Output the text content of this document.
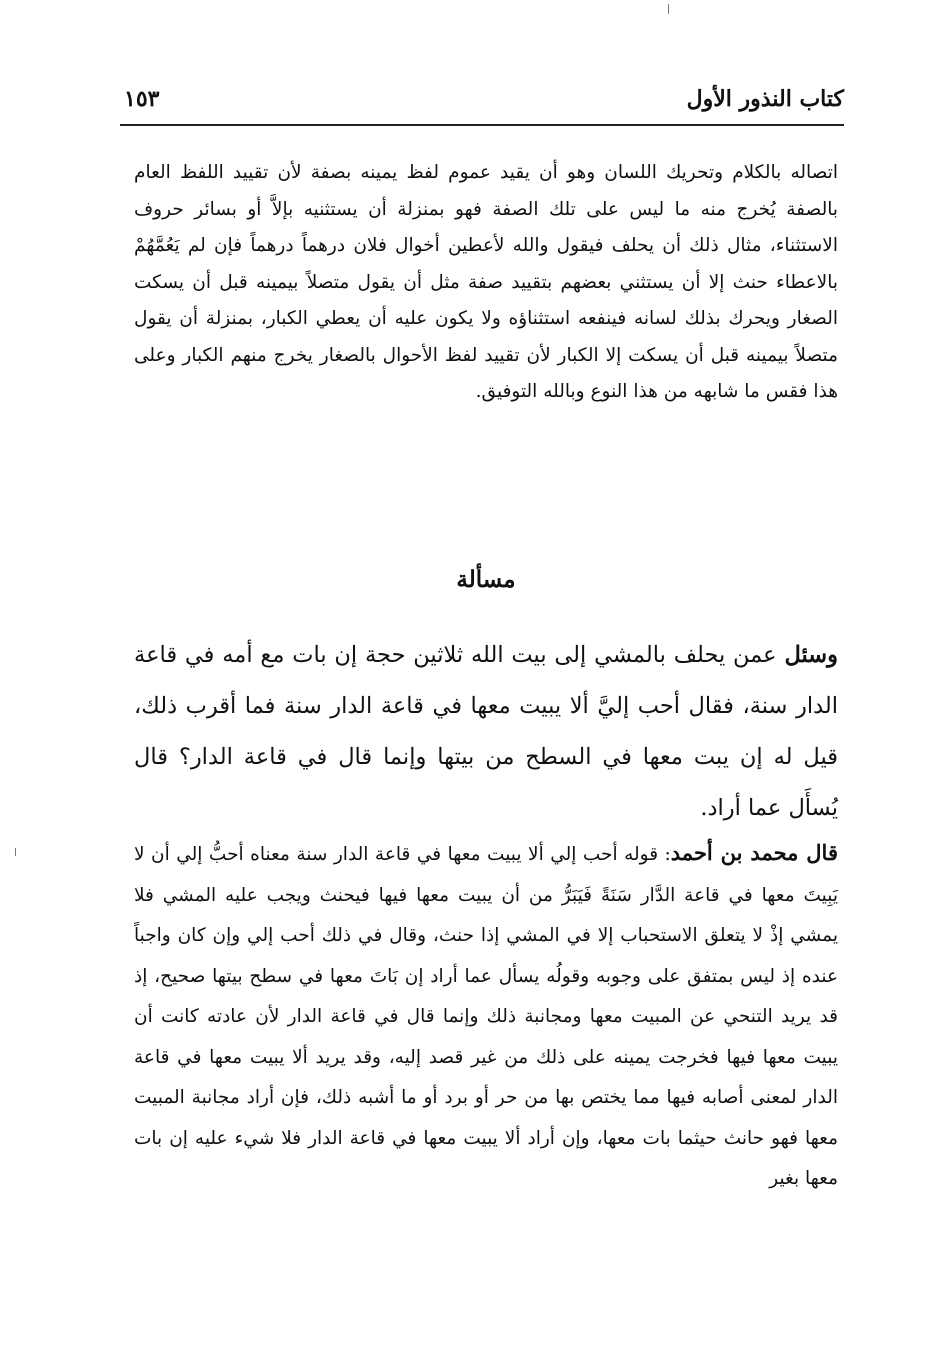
كتاب النذور الأول
١٥٣

اتصاله بالكلام وتحريك اللسان وهو أن يقيد عموم لفظ يمينه بصفة لأن تقييد اللفظ العام بالصفة يُخرج منه ما ليس على تلك الصفة فهو بمنزلة أن يستثنيه بإلاَّ أو بسائر حروف الاستثناء، مثال ذلك أن يحلف فيقول والله لأعطين أخوال فلان درهماً درهماً فإن لم يَعُمَّهُمْ بالاعطاء حنث إلا أن يستثني بعضهم بتقييد صفة مثل أن يقول متصلاً بيمينه قبل أن يسكت الصغار ويحرك بذلك لسانه فينفعه استثناؤه ولا يكون عليه أن يعطي الكبار، بمنزلة أن يقول متصلاً بيمينه قبل أن يسكت إلا الكبار لأن تقييد لفظ الأحوال بالصغار يخرج منهم الكبار وعلى هذا فقس ما شابهه من هذا النوع وبالله التوفيق.

مسألة

وسئل عمن يحلف بالمشي إلى بيت الله ثلاثين حجة إن بات مع أمه في قاعة الدار سنة، فقال أحب إليَّ ألا يبيت معها في قاعة الدار سنة فما أقرب ذلك، قيل له إن يبت معها في السطح من بيتها وإنما قال في قاعة الدار؟ قال يُسأَل عما أراد.

قال محمد بن أحمد: قوله أحب إلي ألا يبيت معها في قاعة الدار سنة معناه أحبُّ إلي أن لا يَبِيتَ معها في قاعة الدَّار سَنَةً فَيَبَرُّ من أن يبيت معها فيها فيحنث ويجب عليه المشي فلا يمشي إذْ لا يتعلق الاستحباب إلا في المشي إذا حنث، وقال في ذلك أحب إلي وإن كان واجباً عنده إذ ليس بمتفق على وجوبه وقولُه يسأل عما أراد إن بَاتَ معها في سطح بيتها صحيح، إذ قد يريد التنحي عن المبيت معها ومجانبة ذلك وإنما قال في قاعة الدار لأن عادته كانت أن يبيت معها فيها فخرجت يمينه على ذلك من غير قصد إليه، وقد يريد ألا يبيت معها في قاعة الدار لمعنى أصابه فيها مما يختص بها من حر أو برد أو ما أشبه ذلك، فإن أراد مجانبة المبيت معها فهو حانث حيثما بات معها، وإن أراد ألا يبيت معها في قاعة الدار فلا شيء عليه إن بات معها بغير
